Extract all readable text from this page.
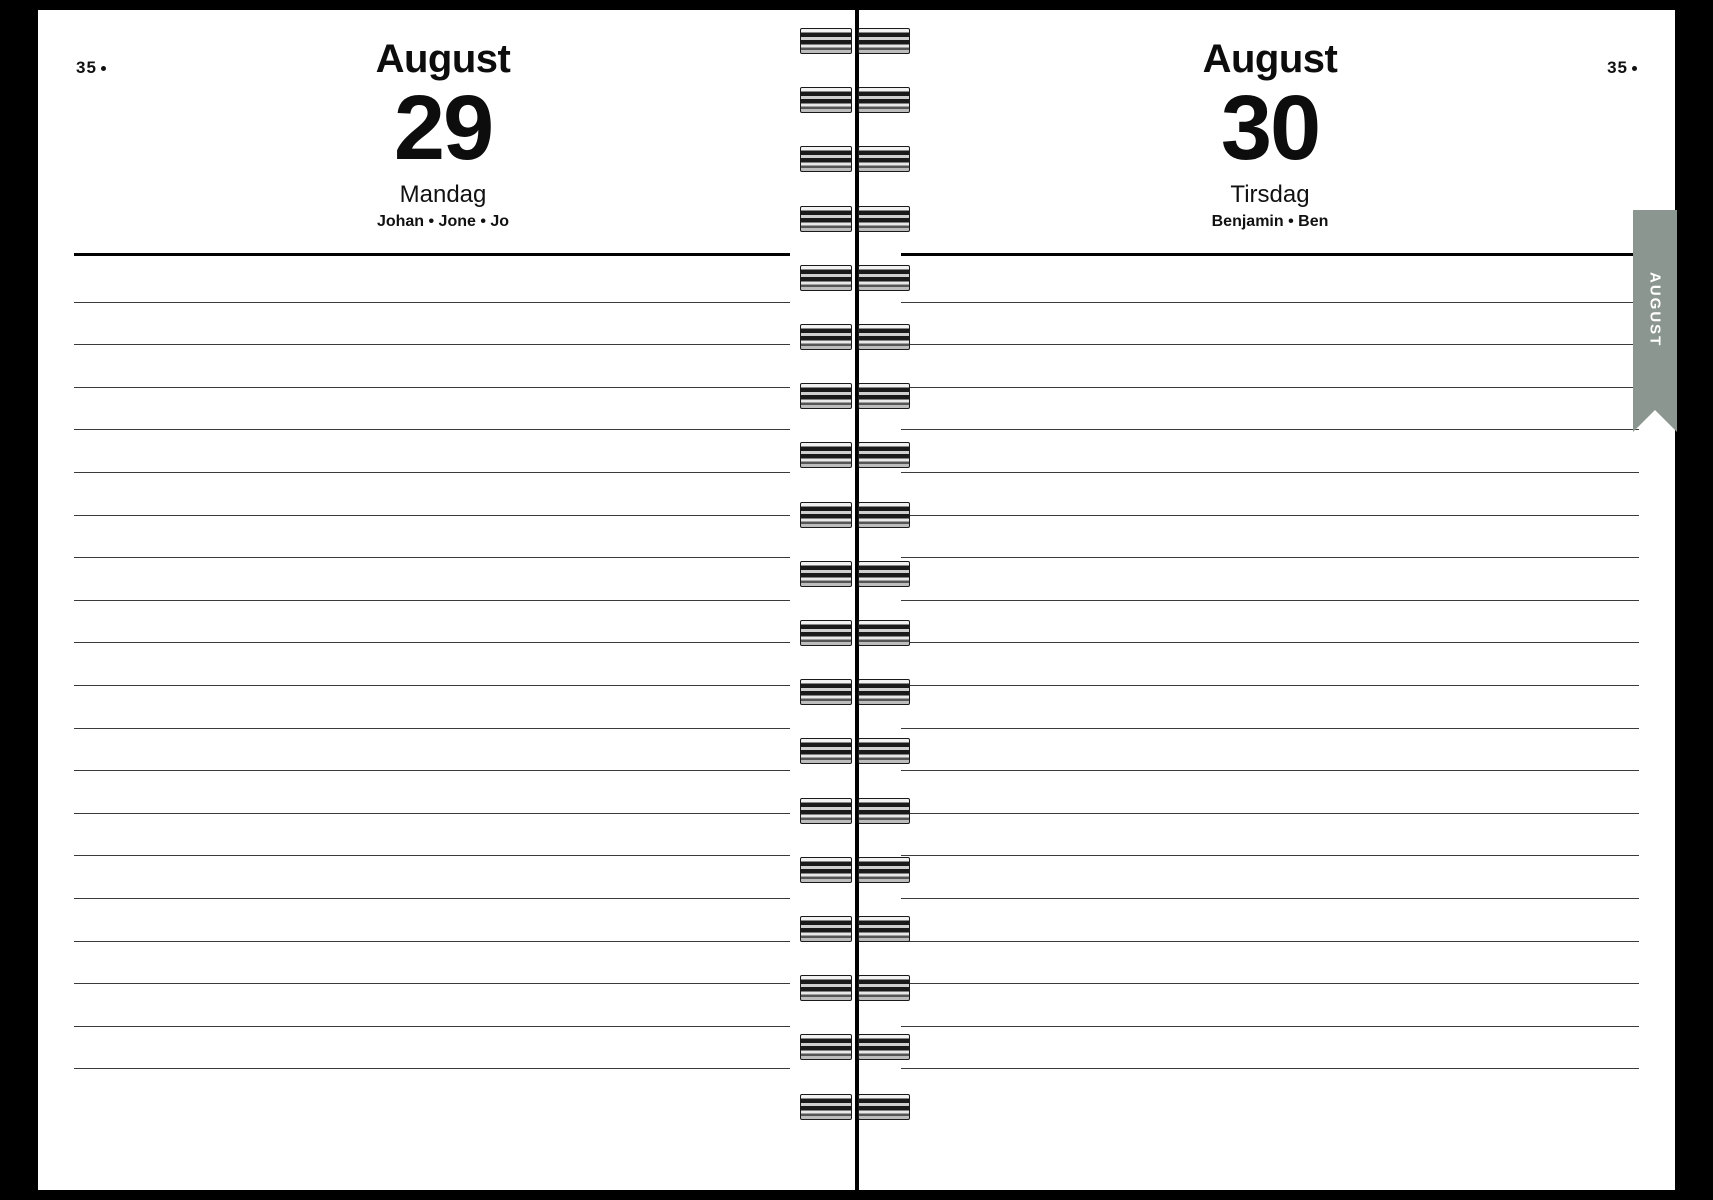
35	August
29
Mandag
Johan • Jone • Jo
35
August
30
Tirsdag
Benjamin • Ben
AUGUST
